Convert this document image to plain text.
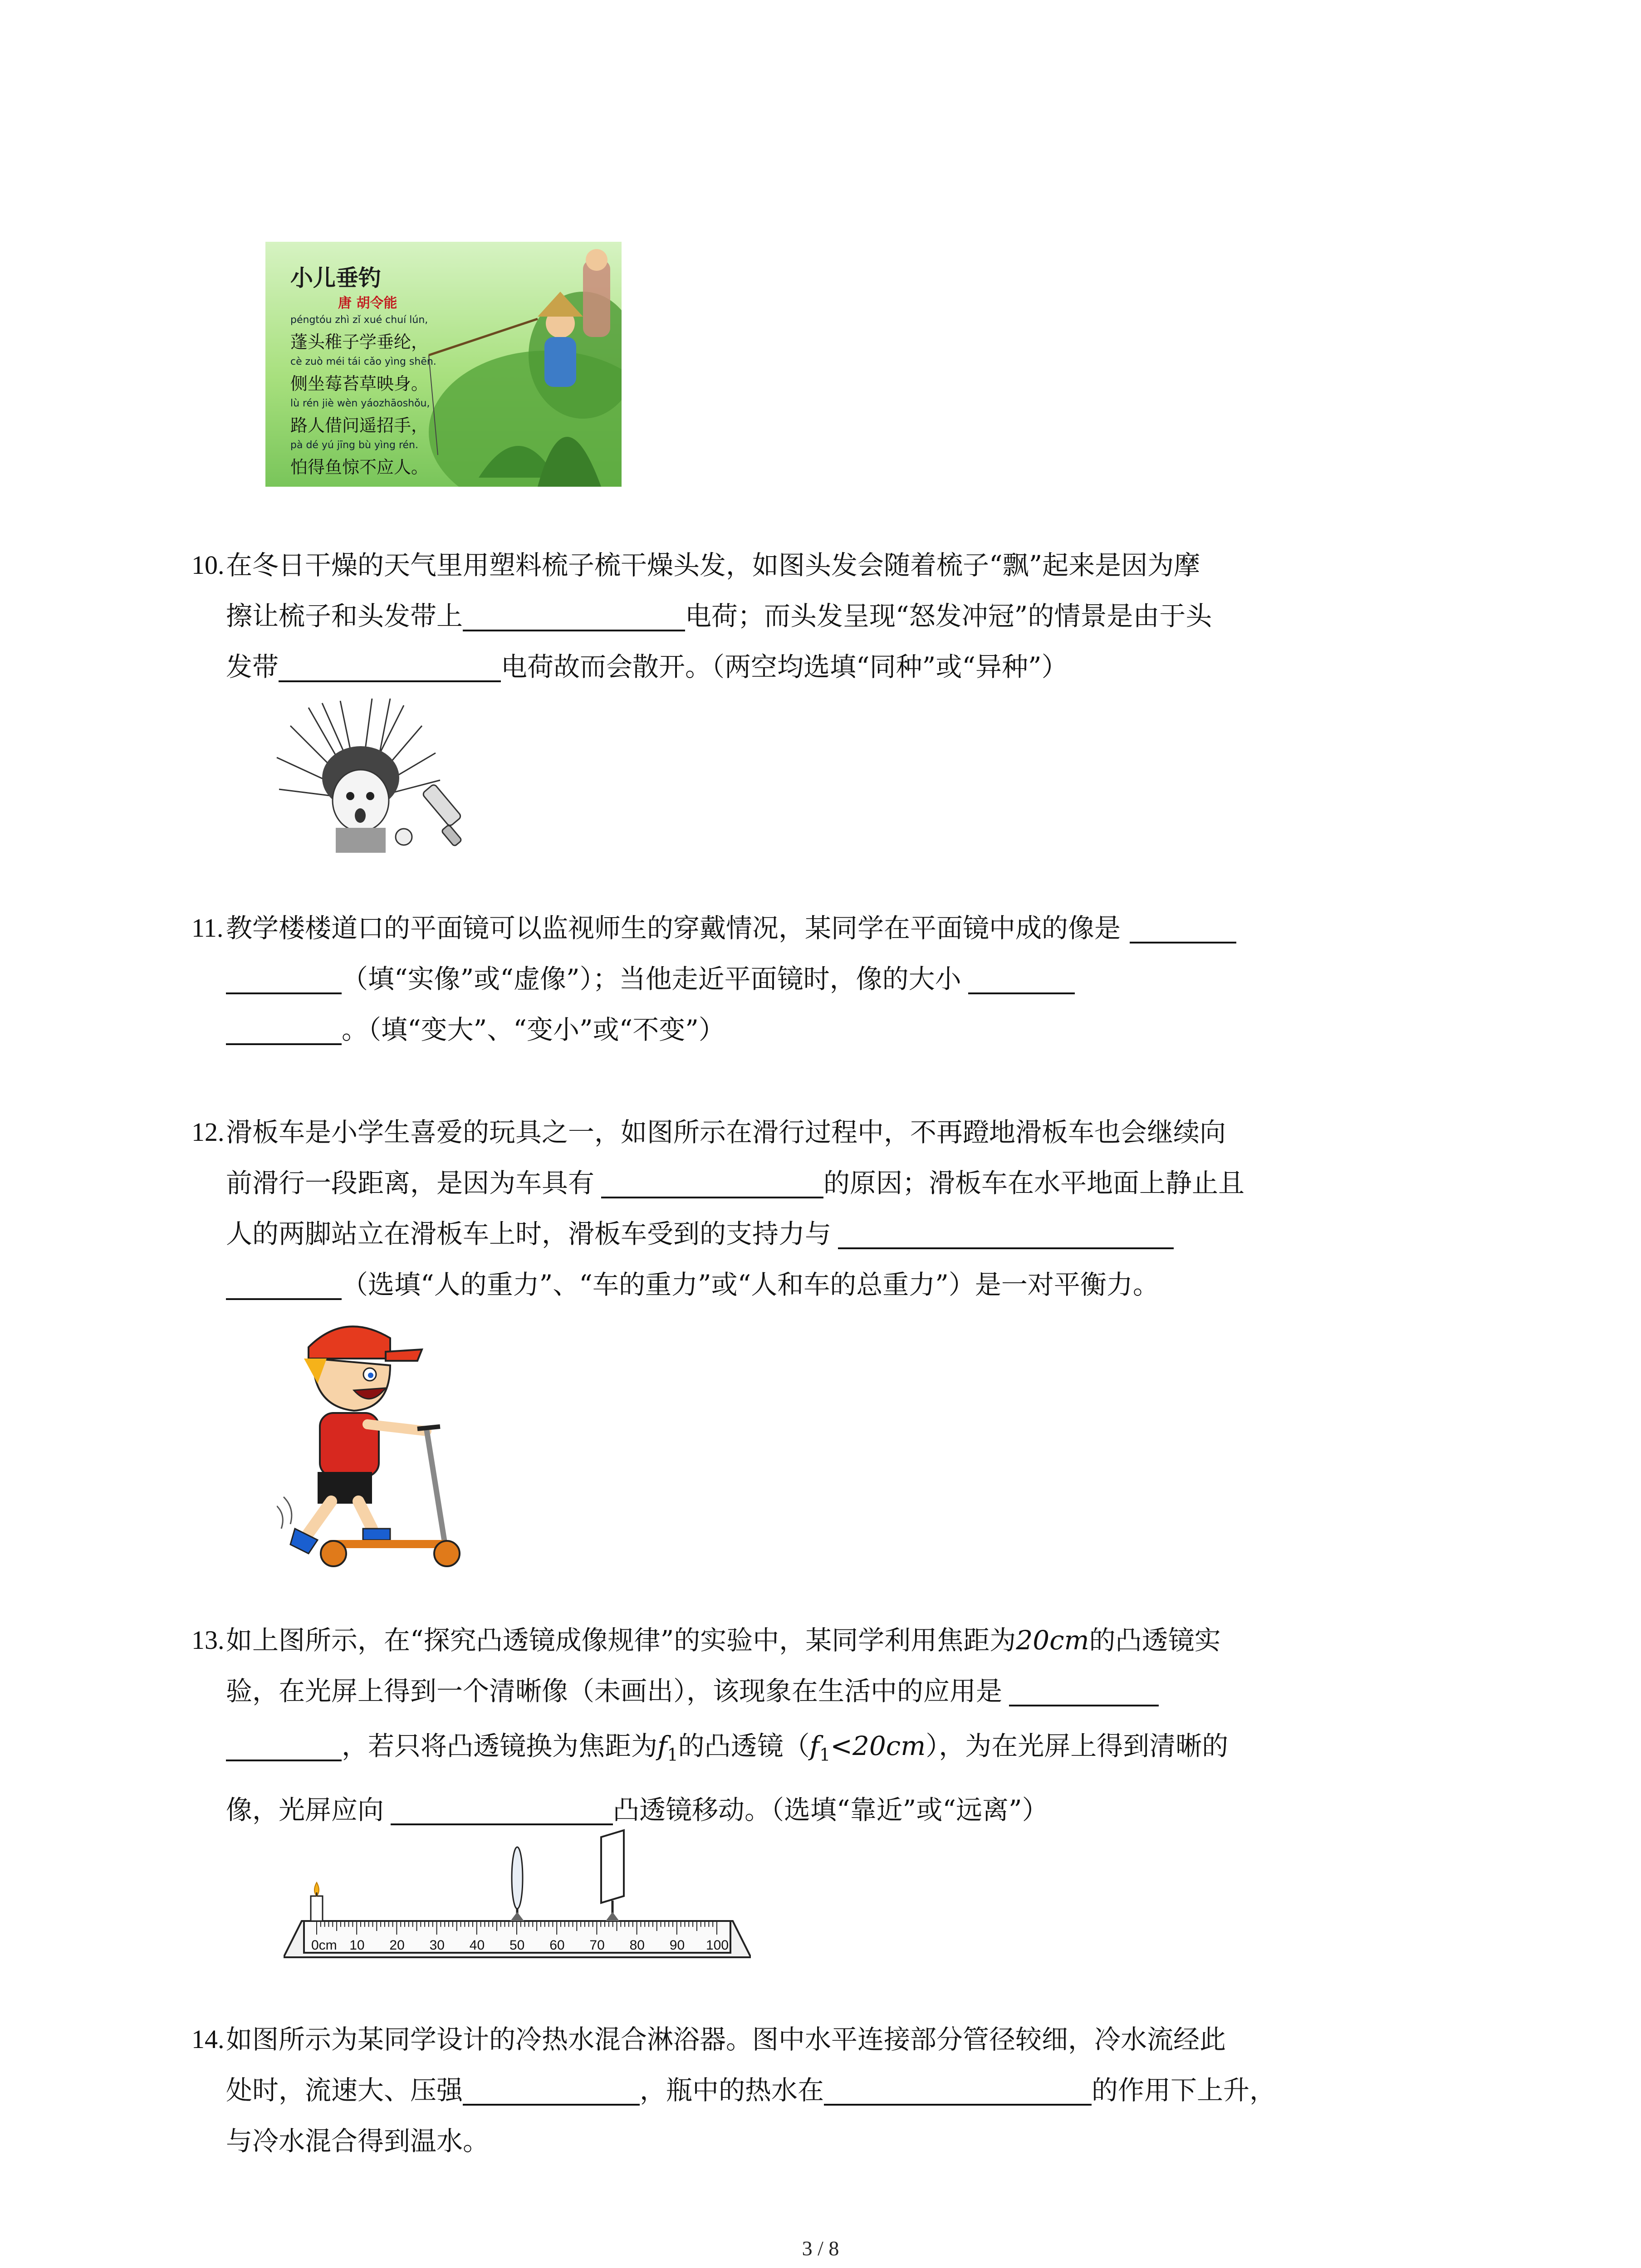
小儿垂钓
唐 胡令能
péngtóu zhì zǐ xué chuí lún,
蓬头稚子学垂纶，
cè zuò méi tái cǎo yìng shēn.
侧坐莓苔草映身。
lù rén jiè wèn yáozhāoshǒu,
路人借问遥招手，
pà dé yú jīng bù yìng rén.
怕得鱼惊不应人。
10. 在冬日干燥的天气里用塑料梳子梳干燥头发，如图头发会随着梳子“飘”起来是因为摩
擦让梳子和头发带上	电荷；而头发呈现“怒发冲冠”的情景是由于头
发带	电荷故而会散开。（两空均选填“同种”或“异种”）
11. 教学楼楼道口的平面镜可以监视师生的穿戴情况，某同学在平面镜中成的像是
（填“实像”或“虚像”）；当他走近平面镜时，像的大小
。（填“变大”、“变小”或“不变”）
12. 滑板车是小学生喜爱的玩具之一，如图所示在滑行过程中，不再蹬地滑板车也会继续向
前滑行一段距离，是因为车具有	的原因；滑板车在水平地面上静止且
人的两脚站立在滑板车上时，滑板车受到的支持力与
（选填“人的重力”、“车的重力”或“人和车的总重力”）是一对平衡力。
13. 如上图所示，在“探究凸透镜成像规律”的实验中，某同学利用焦距为20cm的凸透镜实
验，在光屏上得到一个清晰像（未画出），该现象在生活中的应用是
，若只将凸透镜换为焦距为$f_1$的凸透镜$(f_1<20cm)$，为在光屏上得到清晰的
像，光屏应向	凸透镜移动。（选填“靠近”或“远离”）
0cm 10 20 30 40 50 60 70 80 90 100
14. 如图所示为某同学设计的冷热水混合淋浴器。图中水平连接部分管径较细，冷水流经此
处时，流速大、压强	，瓶中的热水在	的作用下上升，
与冷水混合得到温水。
3 / 8
